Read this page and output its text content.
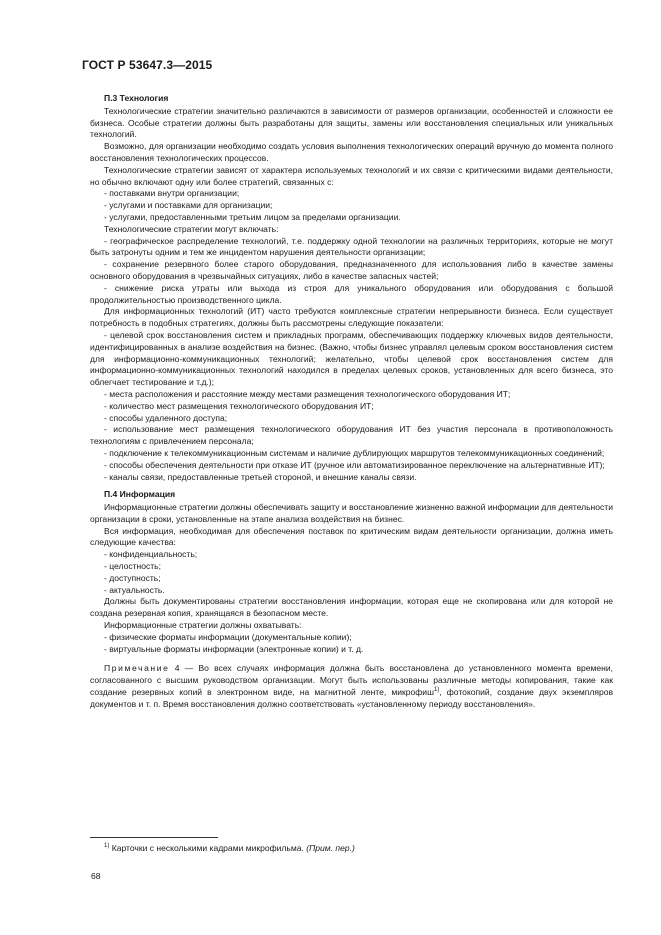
ГОСТ Р 53647.3—2015
П.3 Технология

Технологические стратегии значительно различаются в зависимости от размеров организации, особенностей и сложности ее бизнеса. Особые стратегии должны быть разработаны для защиты, замены или восстановления специальных или уникальных технологий.

Возможно, для организации необходимо создать условия выполнения технологических операций вручную до момента полного восстановления технологических процессов.

Технологические стратегии зависят от характера используемых технологий и их связи с критическими видами деятельности, но обычно включают одну или более стратегий, связанных с:

- поставками внутри организации;

- услугами и поставками для организации;

- услугами, предоставленными третьим лицом за пределами организации.

Технологические стратегии могут включать:

- географическое распределение технологий, т.е. поддержку одной технологии на различных территориях, которые не могут быть затронуты одним и тем же инцидентом нарушения деятельности организации;

- сохранение резервного более старого оборудования, предназначенного для использования либо в качестве замены основного оборудования в чрезвычайных ситуациях, либо в качестве запасных частей;

- снижение риска утраты или выхода из строя для уникального оборудования или оборудования с большой продолжительностью производственного цикла.

Для информационных технологий (ИТ) часто требуются комплексные стратегии непрерывности бизнеса. Если существует потребность в подобных стратегиях, должны быть рассмотрены следующие показатели:

- целевой срок восстановления систем и прикладных программ, обеспечивающих поддержку ключевых видов деятельности, идентифицированных в анализе воздействия на бизнес. (Важно, чтобы бизнес управлял целевым сроком восстановления систем для информационно-коммуникационных технологий; желательно, чтобы целевой срок восстановления систем для информационно-коммуникационных технологий находился в пределах целевых сроков, установленных для всего бизнеса, это облегчает тестирование и т.д.);

- места расположения и расстояние между местами размещения технологического оборудования ИТ;

- количество мест размещения технологического оборудования ИТ;

- способы удаленного доступа;

- использование мест размещения технологического оборудования ИТ без участия персонала в противоположность технологиям с привлечением персонала;

- подключение к телекоммуникационным системам и наличие дублирующих маршрутов телекоммуникационных соединений;

- способы обеспечения деятельности при отказе ИТ (ручное или автоматизированное переключение на альтернативные ИТ);

- каналы связи, предоставленные третьей стороной, и внешние каналы связи.

П.4 Информация

Информационные стратегии должны обеспечивать защиту и восстановление жизненно важной информации для деятельности организации в сроки, установленные на этапе анализа воздействия на бизнес.

Вся информация, необходимая для обеспечения поставок по критическим видам деятельности организации, должна иметь следующие качества:

- конфиденциальность;

- целостность;

- доступность;

- актуальность.

Должны быть документированы стратегии восстановления информации, которая еще не скопирована или для которой не создана резервная копия, хранящаяся в безопасном месте.

Информационные стратегии должны охватывать:

- физические форматы информации (документальные копии);

- виртуальные форматы информации (электронные копии) и т. д.

Примечание 4 — Во всех случаях информация должна быть восстановлена до установленного момента времени, согласованного с высшим руководством организации. Могут быть использованы различные методы копирования, такие как создание резервных копий в электронном виде, на магнитной ленте, микрофиш$^{1)}$, фотокопий, создание двух экземпляров документов и т. п. Время восстановления должно соответствовать «установленному периоду восстановления».

$^{1)}$ Карточки с несколькими кадрами микрофильма. (Прим. пер.)
68
